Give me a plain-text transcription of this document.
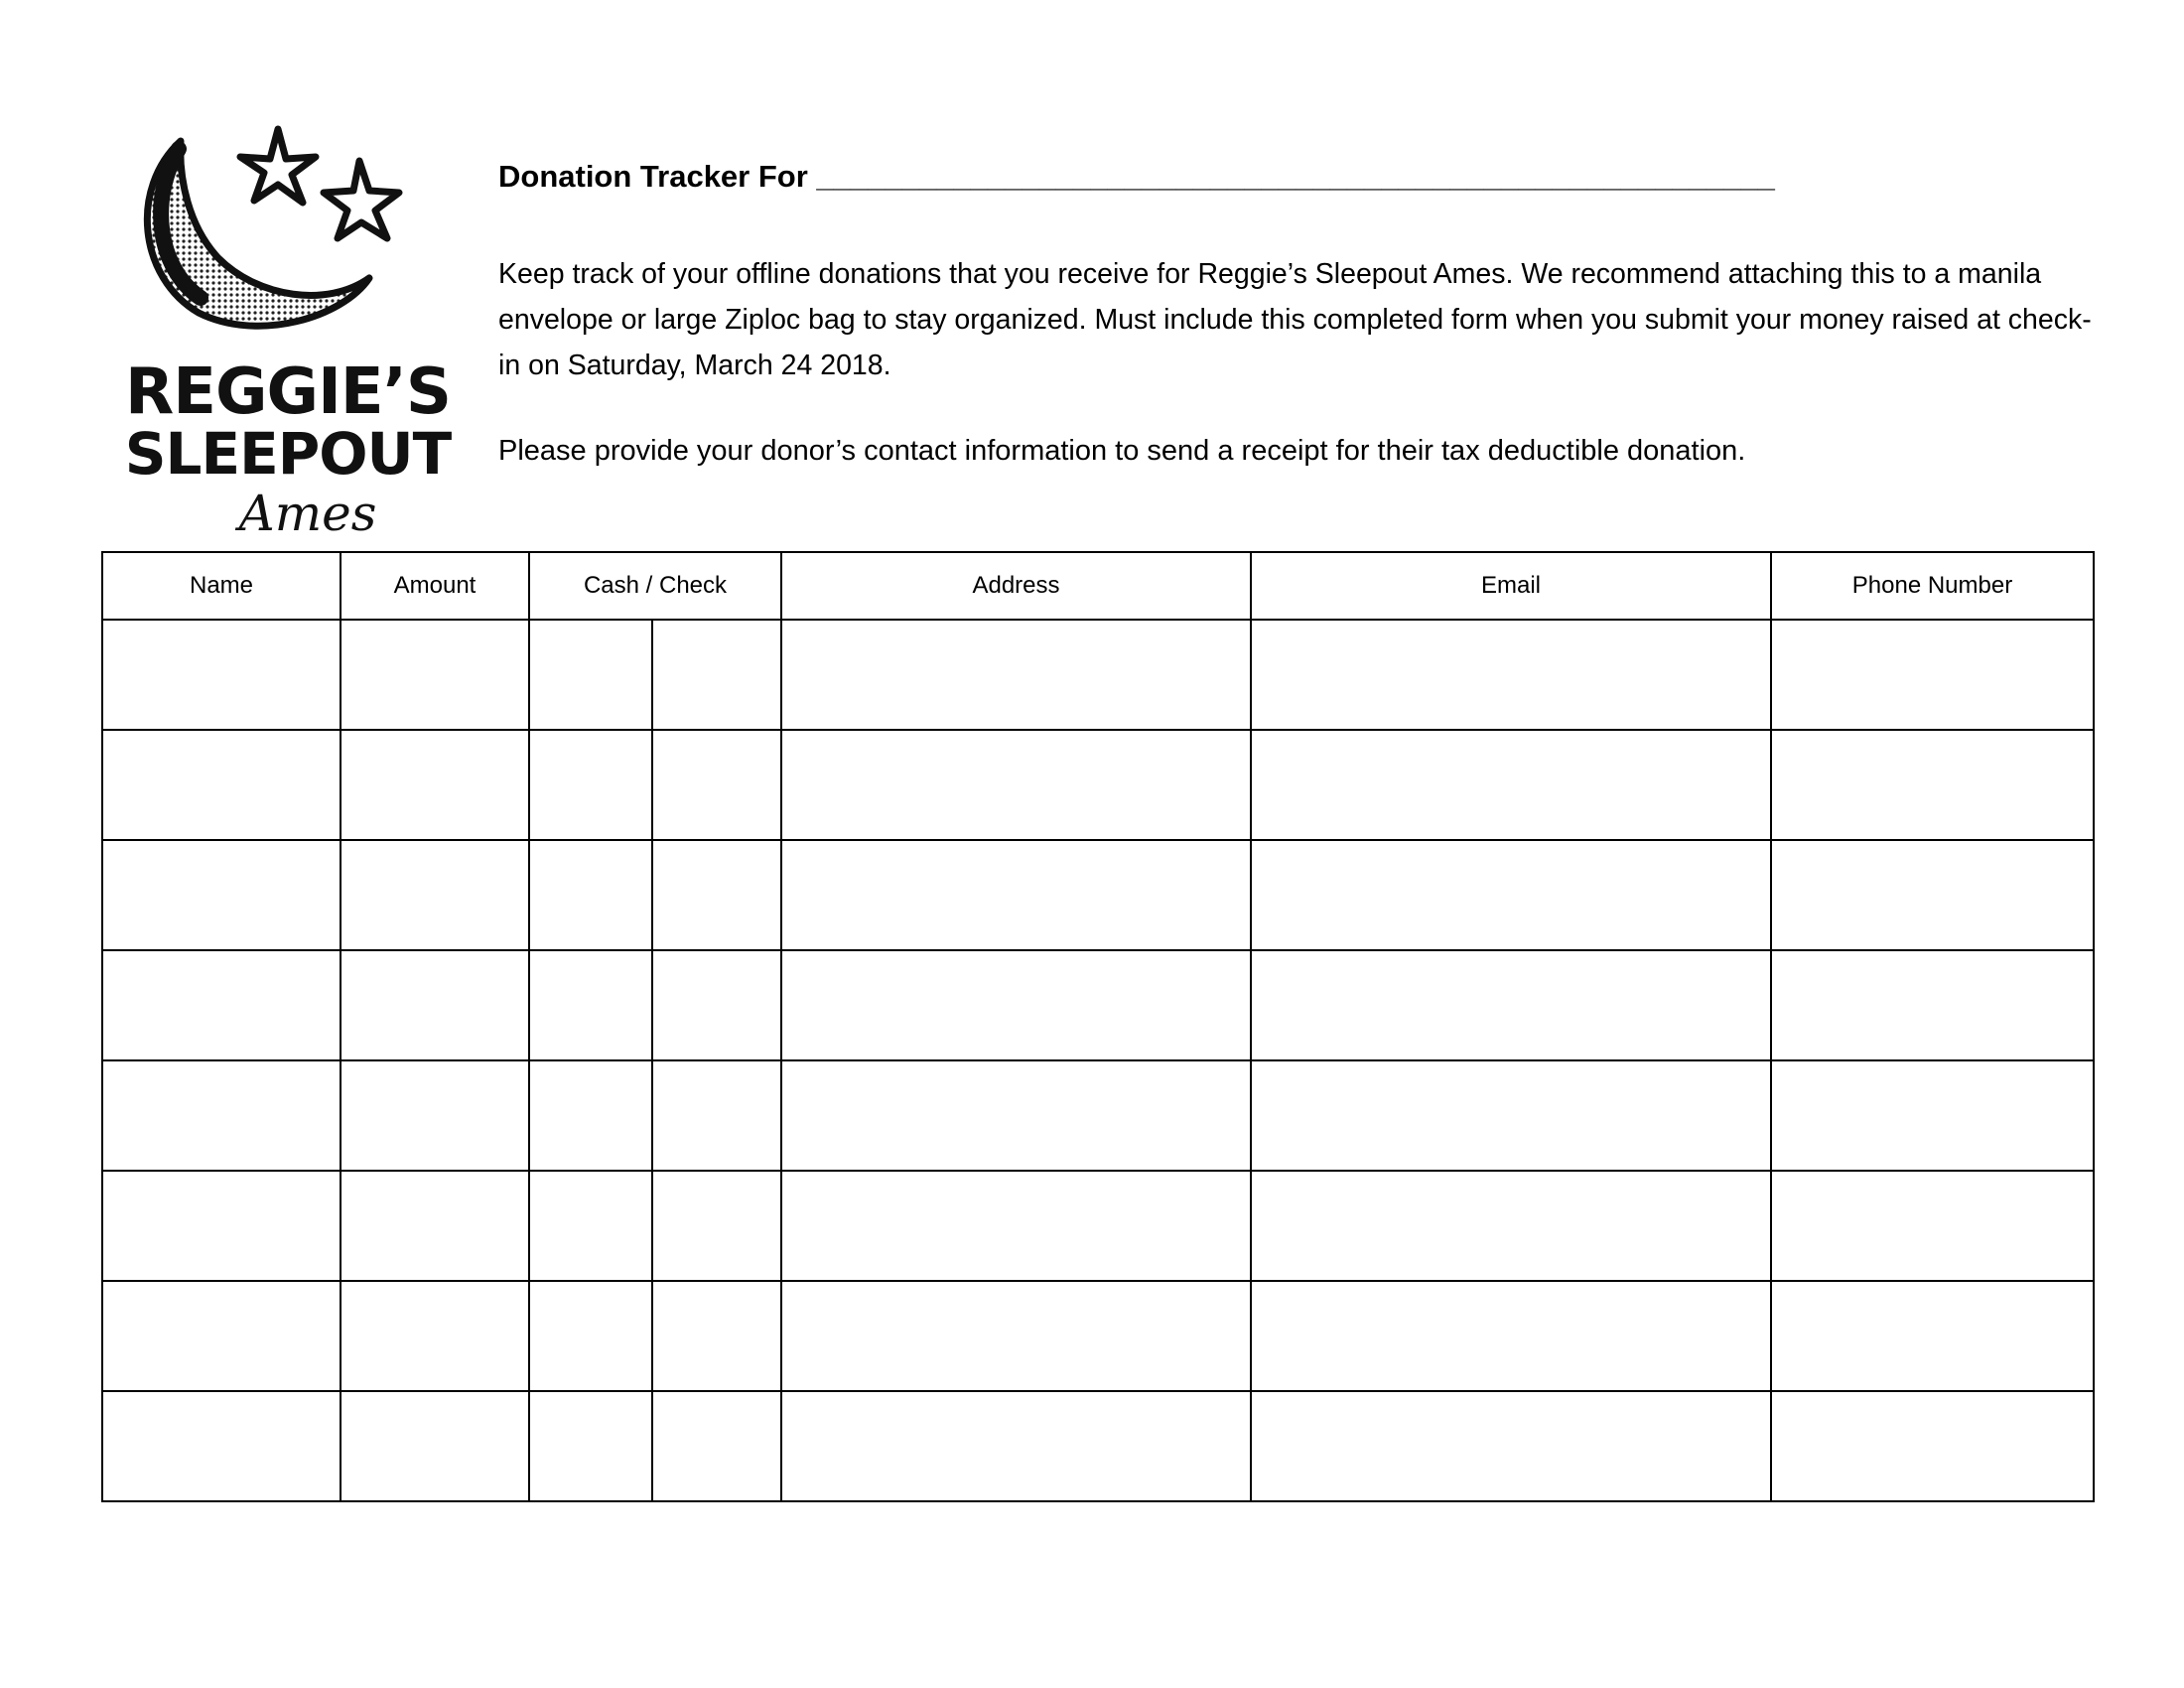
REGGIE’S
SLEEPOUT
Ames
Donation Tracker For ________________________________________________________

Keep track of your offline donations that you receive for Reggie’s Sleepout Ames. We recommend attaching this to a manila envelope or large Ziploc bag to stay organized. Must include this completed form when you submit your money raised at check-in on Saturday, March 24 2018.

Please provide your donor’s contact information to send a receipt for their tax deductible donation.

Name	Amount	Cash / Check		Address	Email	Phone Number
